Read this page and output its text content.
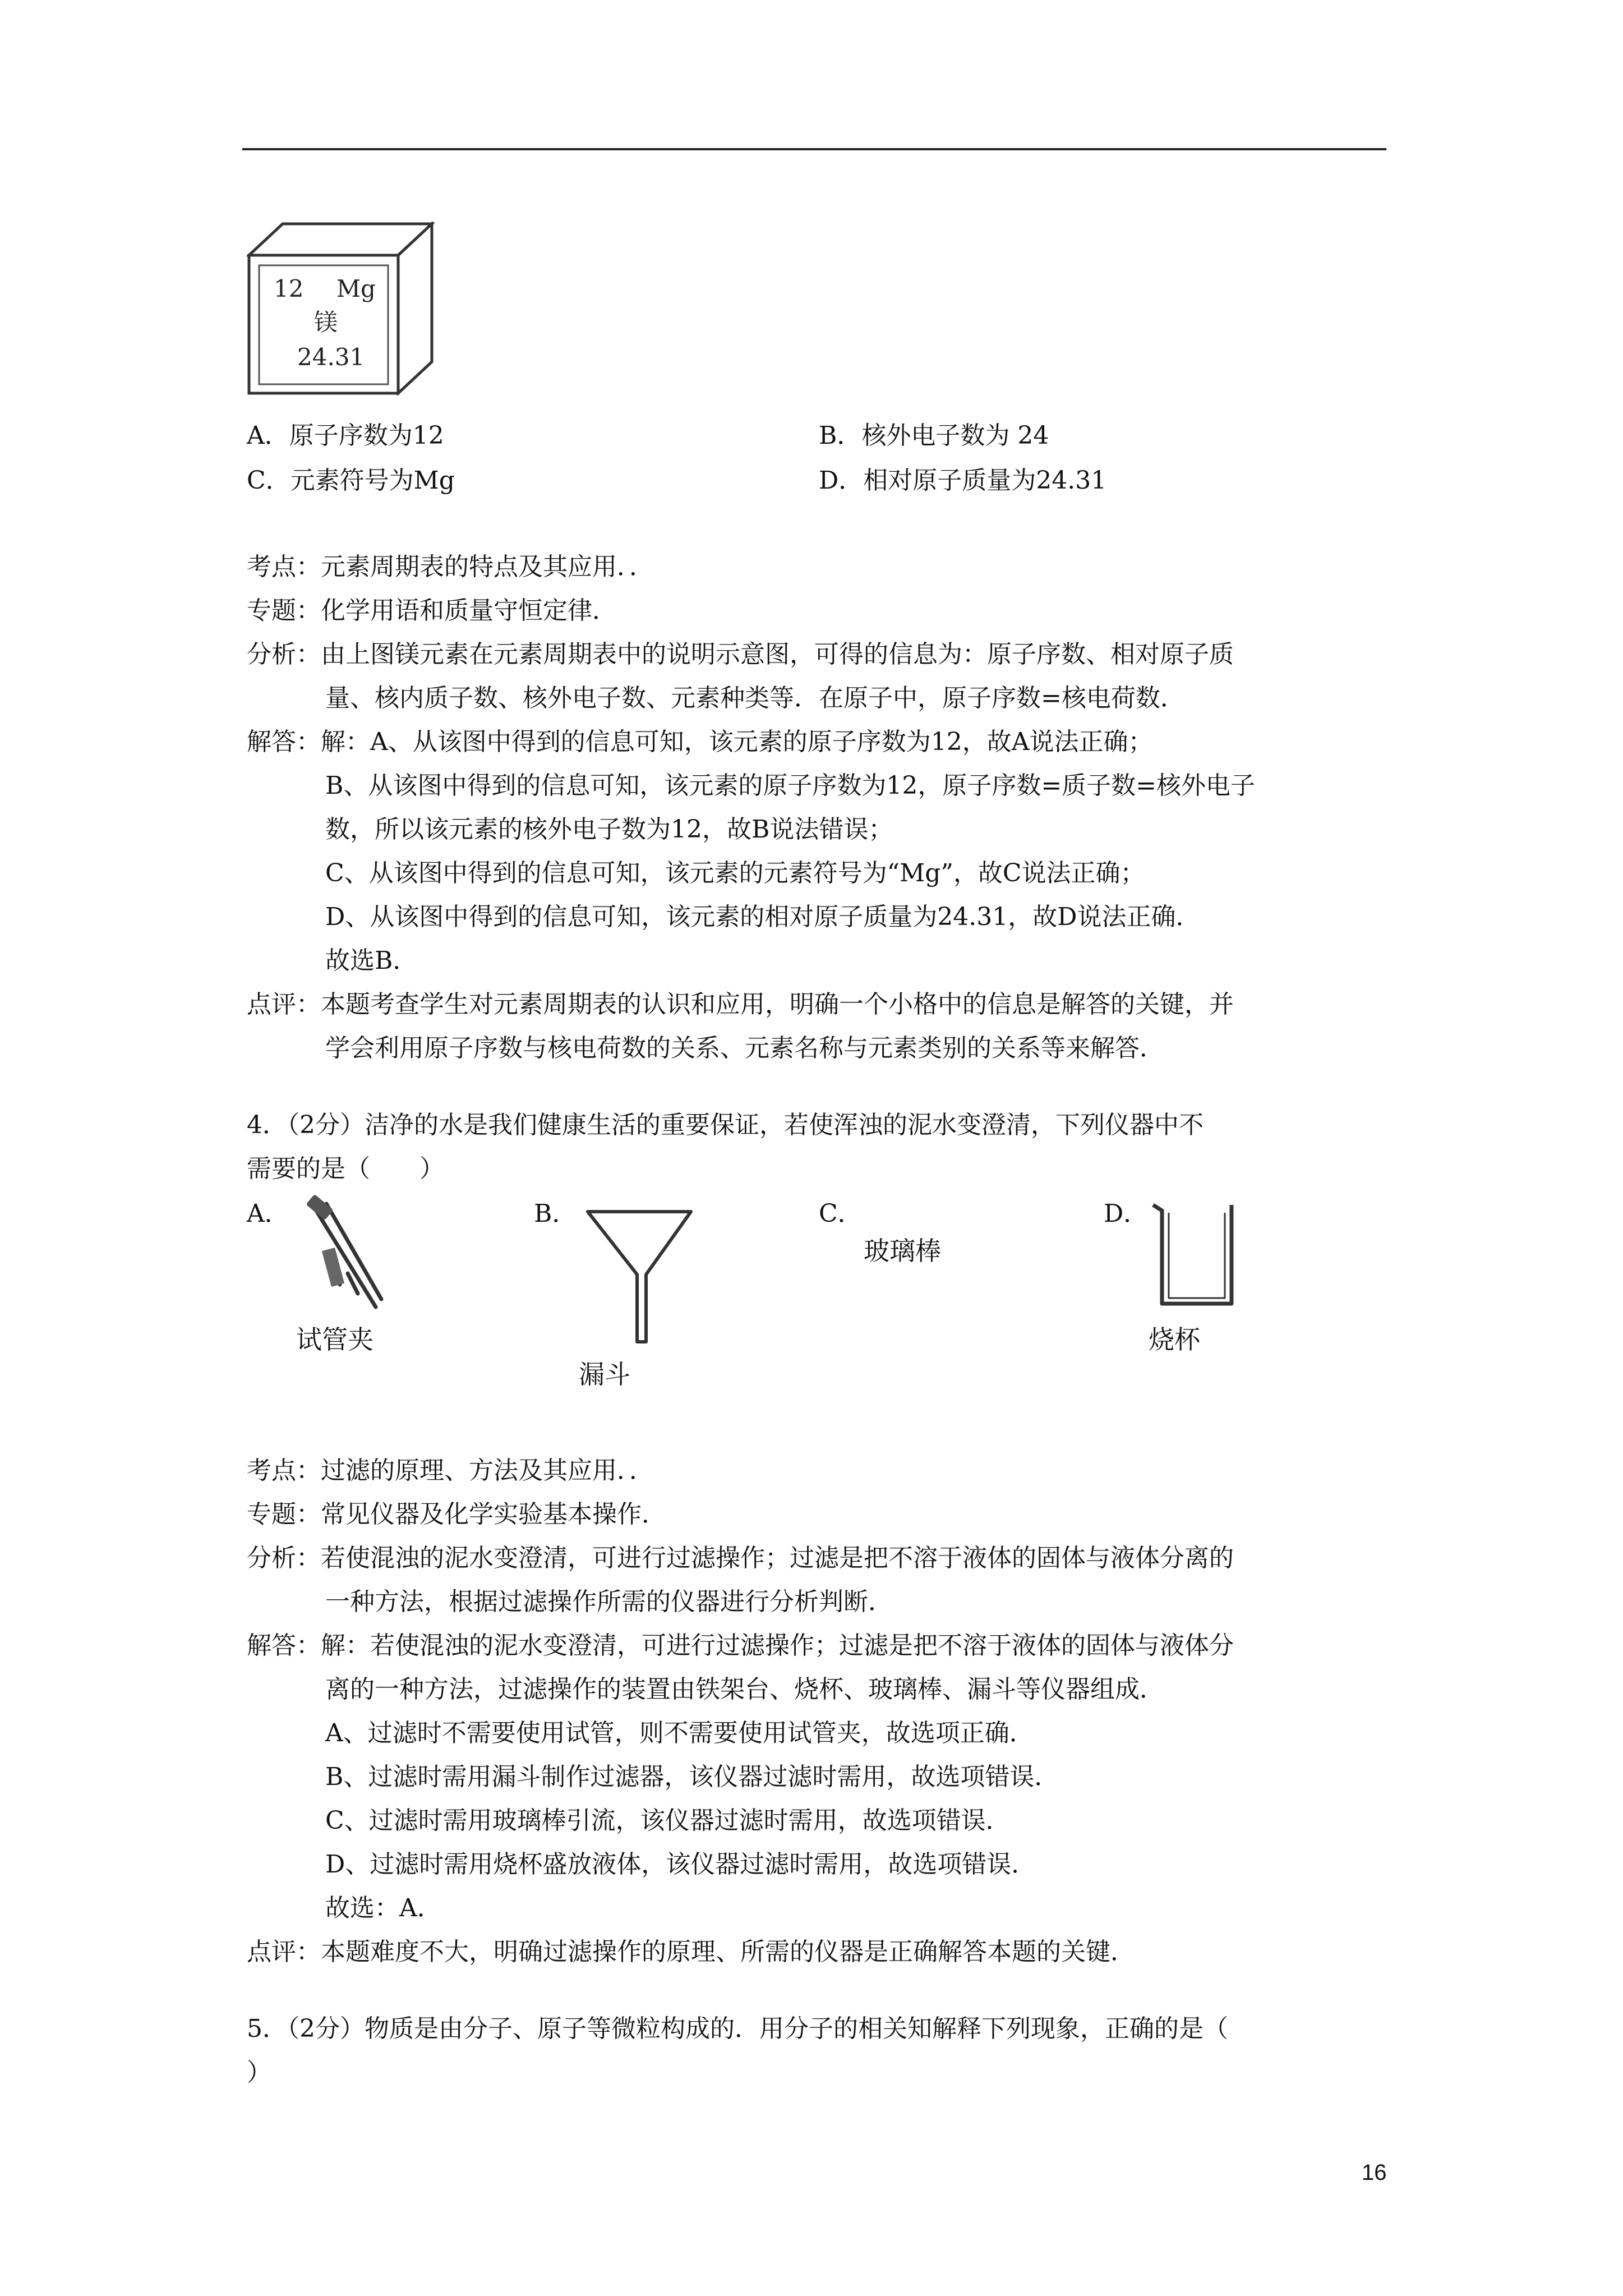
12 Mg
镁
24.31
A．原子序数为12	B．核外电子数为 24
C．元素符号为Mg	D．相对原子质量为24.31
考点：元素周期表的特点及其应用．．
专题：化学用语和质量守恒定律．
分析：由上图镁元素在元素周期表中的说明示意图，可得的信息为：原子序数、相对原子质
量、核内质子数、核外电子数、元素种类等．在原子中，原子序数=核电荷数．
解答：解：A、从该图中得到的信息可知，该元素的原子序数为12，故A说法正确；
B、从该图中得到的信息可知，该元素的原子序数为12，原子序数=质子数=核外电子
数，所以该元素的核外电子数为12，故B说法错误；
C、从该图中得到的信息可知，该元素的元素符号为“Mg”，故C说法正确；
D、从该图中得到的信息可知，该元素的相对原子质量为24.31，故D说法正确．
故选B．
点评：本题考查学生对元素周期表的认识和应用，明确一个小格中的信息是解答的关键，并
学会利用原子序数与核电荷数的关系、元素名称与元素类别的关系等来解答．
4．（2分）洁净的水是我们健康生活的重要保证，若使浑浊的泥水变澄清，下列仪器中不
需要的是（　　）
A．
试管夹
B．
漏斗
C．
玻璃棒
D．
烧杯
考点：过滤的原理、方法及其应用．．
专题：常见仪器及化学实验基本操作．
分析：若使混浊的泥水变澄清，可进行过滤操作；过滤是把不溶于液体的固体与液体分离的
一种方法，根据过滤操作所需的仪器进行分析判断．
解答：解：若使混浊的泥水变澄清，可进行过滤操作；过滤是把不溶于液体的固体与液体分
离的一种方法，过滤操作的装置由铁架台、烧杯、玻璃棒、漏斗等仪器组成．
A、过滤时不需要使用试管，则不需要使用试管夹，故选项正确．
B、过滤时需用漏斗制作过滤器，该仪器过滤时需用，故选项错误．
C、过滤时需用玻璃棒引流，该仪器过滤时需用，故选项错误．
D、过滤时需用烧杯盛放液体，该仪器过滤时需用，故选项错误．
故选：A．
点评：本题难度不大，明确过滤操作的原理、所需的仪器是正确解答本题的关键．
5．（2分）物质是由分子、原子等微粒构成的．用分子的相关知解释下列现象，正确的是（
）
16
